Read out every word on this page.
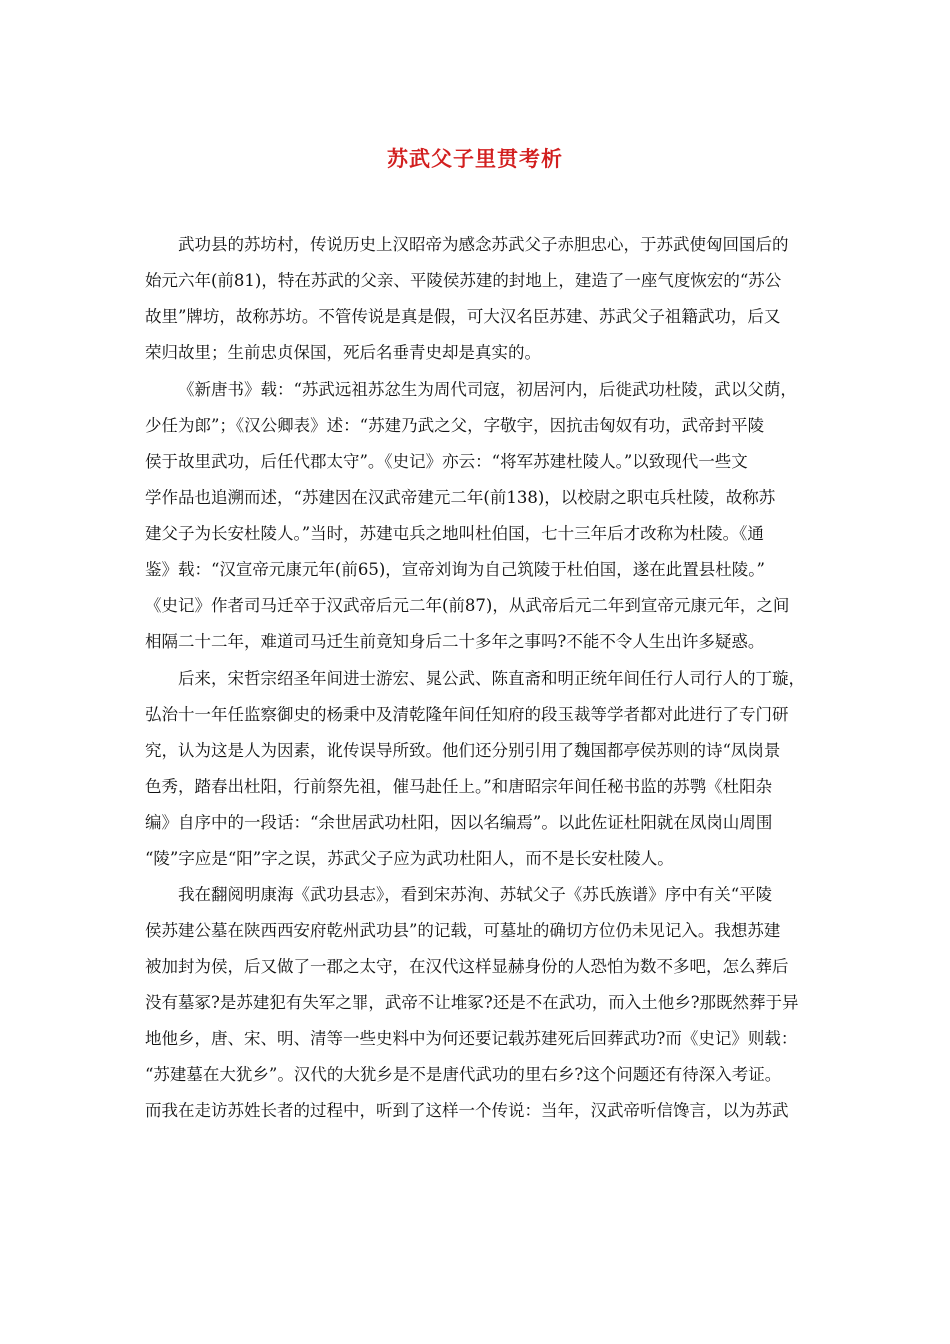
苏武父子里贯考析
武功县的苏坊村，传说历史上汉昭帝为感念苏武父子赤胆忠心，于苏武使匈回国后的
始元六年(前81)，特在苏武的父亲、平陵侯苏建的封地上，建造了一座气度恢宏的“苏公
故里”牌坊，故称苏坊。不管传说是真是假，可大汉名臣苏建、苏武父子祖籍武功，后又
荣归故里；生前忠贞保国，死后名垂青史却是真实的。
《新唐书》载：“苏武远祖苏忿生为周代司寇，初居河内，后徙武功杜陵，武以父荫，
少任为郎”；《汉公卿表》述：“苏建乃武之父，字敬宇，因抗击匈奴有功，武帝封平陵
侯于故里武功，后任代郡太守”。《史记》亦云：“将军苏建杜陵人。”以致现代一些文
学作品也追溯而述，“苏建因在汉武帝建元二年(前138)，以校尉之职屯兵杜陵，故称苏
建父子为长安杜陵人。”当时，苏建屯兵之地叫杜伯国，七十三年后才改称为杜陵。《通
鉴》载：“汉宣帝元康元年(前65)，宣帝刘询为自己筑陵于杜伯国，遂在此置县杜陵。”
《史记》作者司马迁卒于汉武帝后元二年(前87)，从武帝后元二年到宣帝元康元年，之间
相隔二十二年，难道司马迁生前竟知身后二十多年之事吗?不能不令人生出许多疑惑。
后来，宋哲宗绍圣年间进士游宏、晁公武、陈直斋和明正统年间任行人司行人的丁璇，
弘治十一年任监察御史的杨秉中及清乾隆年间任知府的段玉裁等学者都对此进行了专门研
究，认为这是人为因素，讹传误导所致。他们还分别引用了魏国都亭侯苏则的诗“凤岗景
色秀，踏春出杜阳，行前祭先祖，催马赴任上。”和唐昭宗年间任秘书监的苏鹗《杜阳杂
编》自序中的一段话：“余世居武功杜阳，因以名编焉”。以此佐证杜阳就在凤岗山周围
“陵”字应是“阳”字之误，苏武父子应为武功杜阳人，而不是长安杜陵人。
我在翻阅明康海《武功县志》，看到宋苏洵、苏轼父子《苏氏族谱》序中有关“平陵
侯苏建公墓在陕西西安府乾州武功县”的记载，可墓址的确切方位仍未见记入。我想苏建
被加封为侯，后又做了一郡之太守，在汉代这样显赫身份的人恐怕为数不多吧，怎么葬后
没有墓冢?是苏建犯有失军之罪，武帝不让堆冢?还是不在武功，而入土他乡?那既然葬于异
地他乡，唐、宋、明、清等一些史料中为何还要记载苏建死后回葬武功?而《史记》则载：
“苏建墓在大犹乡”。汉代的大犹乡是不是唐代武功的里右乡?这个问题还有待深入考证。
而我在走访苏姓长者的过程中，听到了这样一个传说：当年，汉武帝听信馋言，以为苏武
